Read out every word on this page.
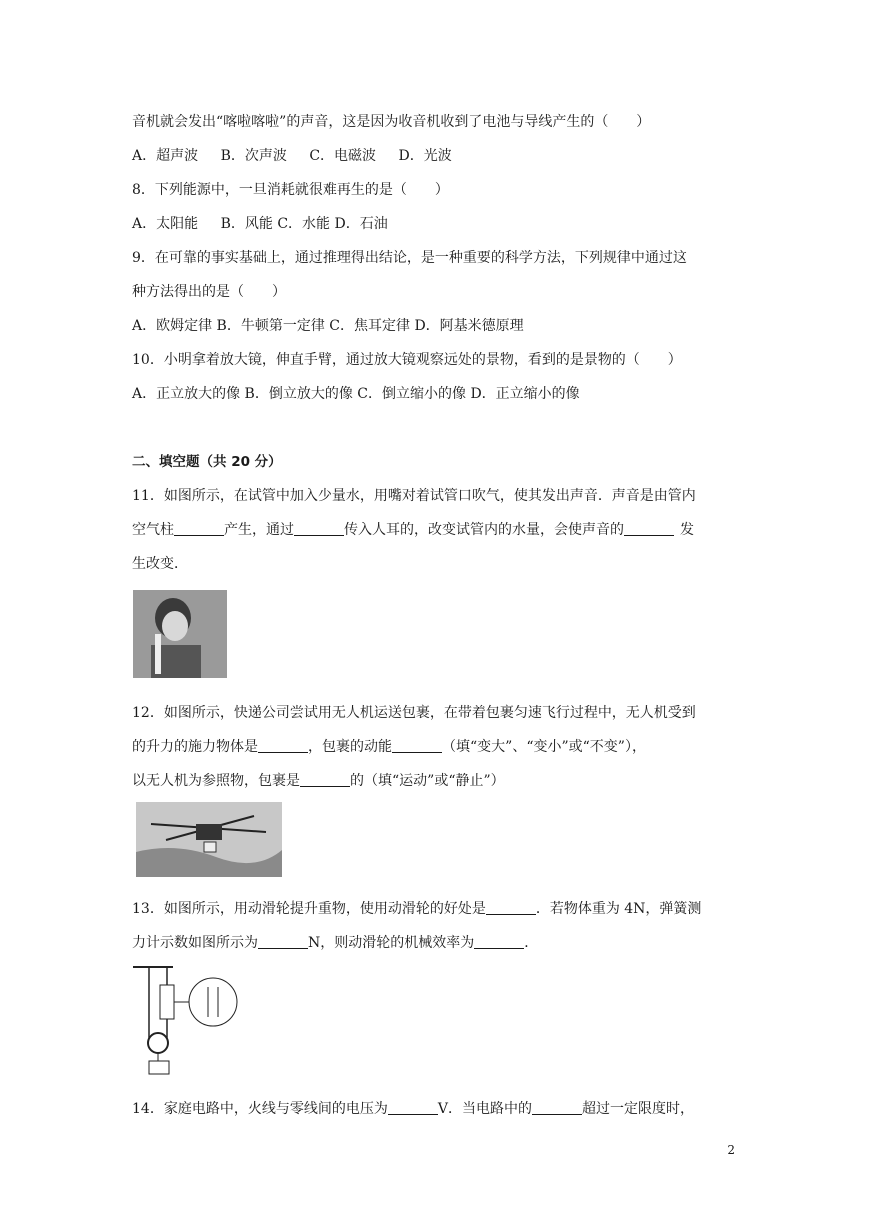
音机就会发出“喀啦喀啦”的声音，这是因为收音机收到了电池与导线产生的（　　）
A．超声波 B．次声波 C．电磁波 D．光波
8．下列能源中，一旦消耗就很难再生的是（　　）
A．太阳能 B．风能 C．水能 D．石油
9．在可靠的事实基础上，通过推理得出结论，是一种重要的科学方法，下列规律中通过这
种方法得出的是（　　）
A．欧姆定律 B．牛顿第一定律 C．焦耳定律 D．阿基米德原理
10．小明拿着放大镜，伸直手臂，通过放大镜观察远处的景物，看到的是景物的（　　）
A．正立放大的像 B．倒立放大的像 C．倒立缩小的像 D．正立缩小的像
二、填空题（共 20 分）
11．如图所示，在试管中加入少量水，用嘴对着试管口吹气，使其发出声音．声音是由管内
空气柱	产生，通过	传入人耳的，改变试管内的水量，会使声音的	发
生改变．
12．如图所示，快递公司尝试用无人机运送包裹，在带着包裹匀速飞行过程中，无人机受到
的升力的施力物体是	，包裹的动能	（填“变大”、“变小”或“不变”），
以无人机为参照物，包裹是	的（填“运动”或“静止”）
13．如图所示，用动滑轮提升重物，使用动滑轮的好处是	．若物体重为 4N，弹簧测
力计示数如图所示为	N，则动滑轮的机械效率为	．
14．家庭电路中，火线与零线间的电压为	V．当电路中的	超过一定限度时，
2
